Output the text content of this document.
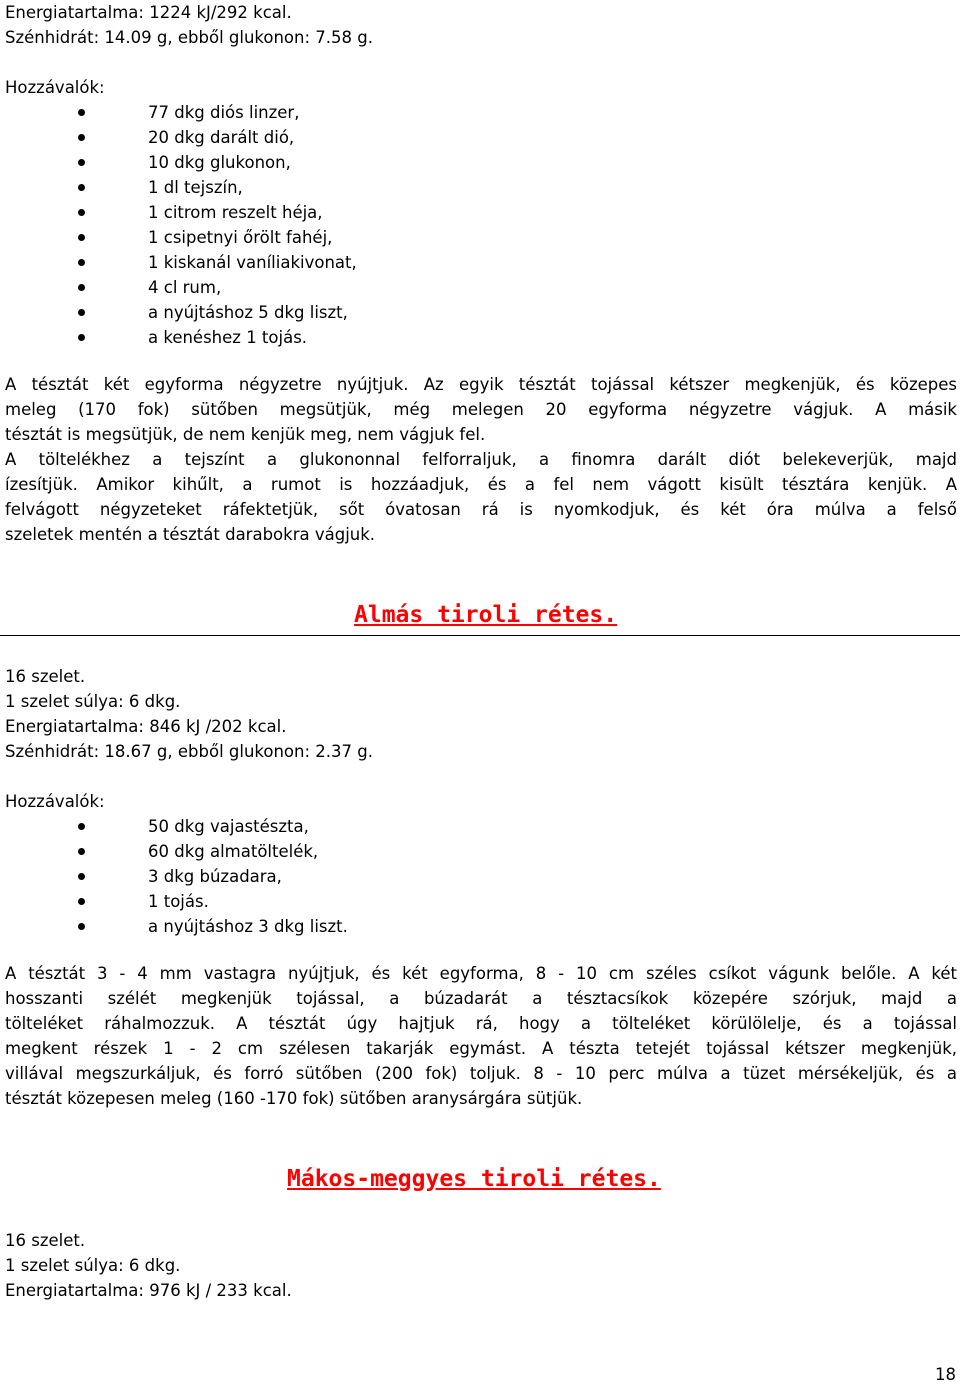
Energiatartalma: 1224 kJ/292 kcal.
Szénhidrát: 14.09 g, ebből glukonon: 7.58 g.
Hozzávalók:
77 dkg diós linzer,
20 dkg darált dió,
10 dkg glukonon,
1 dl tejszín,
1 citrom reszelt héja,
1 csipetnyi őrölt fahéj,
1 kiskanál vaníliakivonat,
4 cl rum,
a nyújtáshoz 5 dkg liszt,
a kenéshez 1 tojás.
A tésztát két egyforma négyzetre nyújtjuk. Az egyik tésztát tojással kétszer megkenjük, és közepes
meleg (170 fok) sütőben megsütjük, még melegen 20 egyforma négyzetre vágjuk. A másik
tésztát is megsütjük, de nem kenjük meg, nem vágjuk fel.
A töltelékhez a tejszínt a glukononnal felforraljuk, a finomra darált diót belekeverjük, majd
ízesítjük. Amikor kihűlt, a rumot is hozzáadjuk, és a fel nem vágott kisült tésztára kenjük. A
felvágott négyzeteket ráfektetjük, sőt óvatosan rá is nyomkodjuk, és két óra múlva a felső
szeletek mentén a tésztát darabokra vágjuk.
Almás tiroli rétes.
16 szelet.
1 szelet súlya: 6 dkg.
Energiatartalma: 846 kJ /202 kcal.
Szénhidrát: 18.67 g, ebből glukonon: 2.37 g.
Hozzávalók:
50 dkg vajastészta,
60 dkg almatöltelék,
3 dkg búzadara,
1 tojás.
a nyújtáshoz 3 dkg liszt.
A tésztát 3 - 4 mm vastagra nyújtjuk, és két egyforma, 8 - 10 cm széles csíkot vágunk belőle. A két
hosszanti szélét megkenjük tojással, a búzadarát a tésztacsíkok közepére szórjuk, majd a
tölteléket ráhalmozzuk. A tésztát úgy hajtjuk rá, hogy a tölteléket körülölelje, és a tojással
megkent részek 1 - 2 cm szélesen takarják egymást. A tészta tetejét tojással kétszer megkenjük,
villával megszurkáljuk, és forró sütőben (200 fok) toljuk. 8 - 10 perc múlva a tüzet mérsékeljük, és a
tésztát közepesen meleg (160 -170 fok) sütőben aranysárgára sütjük.
Mákos-meggyes tiroli rétes.
16 szelet.
1 szelet súlya: 6 dkg.
Energiatartalma: 976 kJ / 233 kcal.
18
